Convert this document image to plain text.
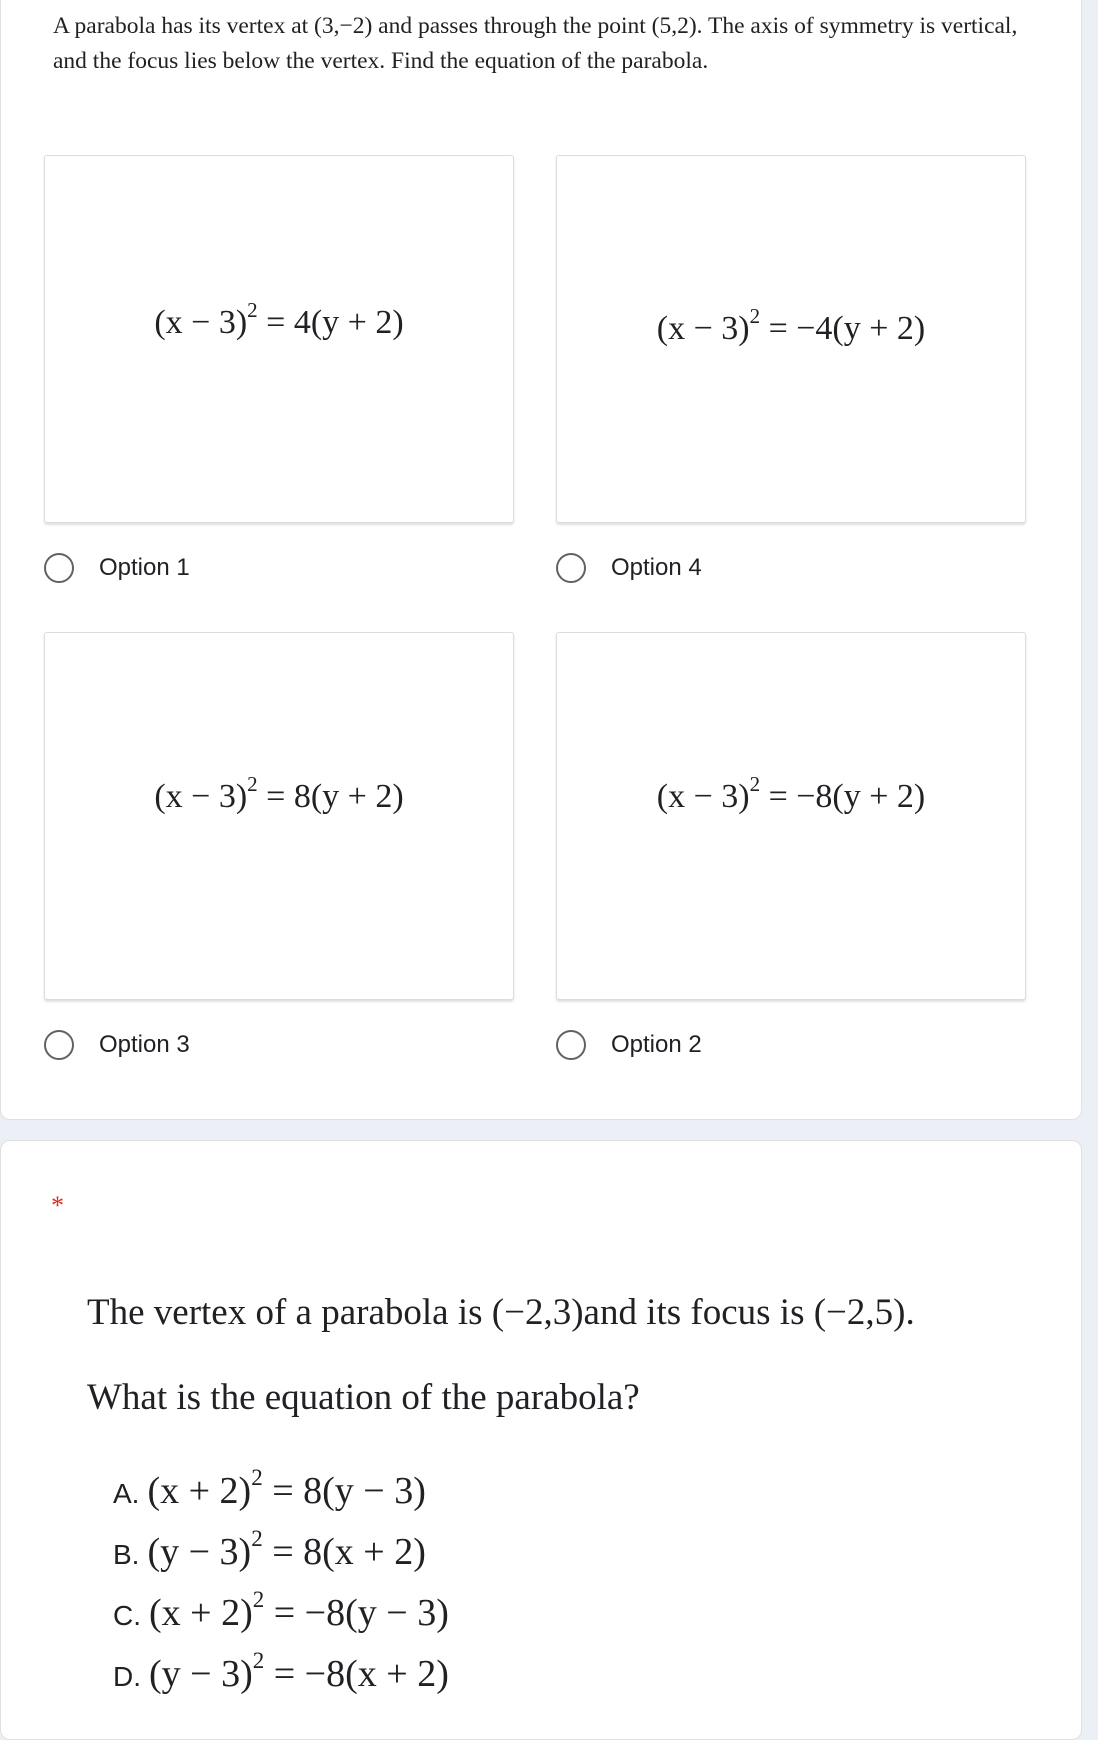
A parabola has its vertex at (3,−2) and passes through the point (5,2). The axis of symmetry is vertical, and the focus lies below the vertex. Find the equation of the parabola.

$(x - 3)^2 = 4(y + 2)$	$(x - 3)^2 = -4(y + 2)$
Option 1	Option 4
$(x - 3)^2 = 8(y + 2)$	$(x - 3)^2 = -8(y + 2)$
Option 3	Option 2
*

The vertex of a parabola is (−2,3)and its focus is (−2,5).

What is the equation of the parabola?

A. $(x + 2)^2 = 8(y - 3)$
B. $(y - 3)^2 = 8(x + 2)$
C. $(x + 2)^2 = -8(y - 3)$
D. $(y - 3)^2 = -8(x + 2)$
